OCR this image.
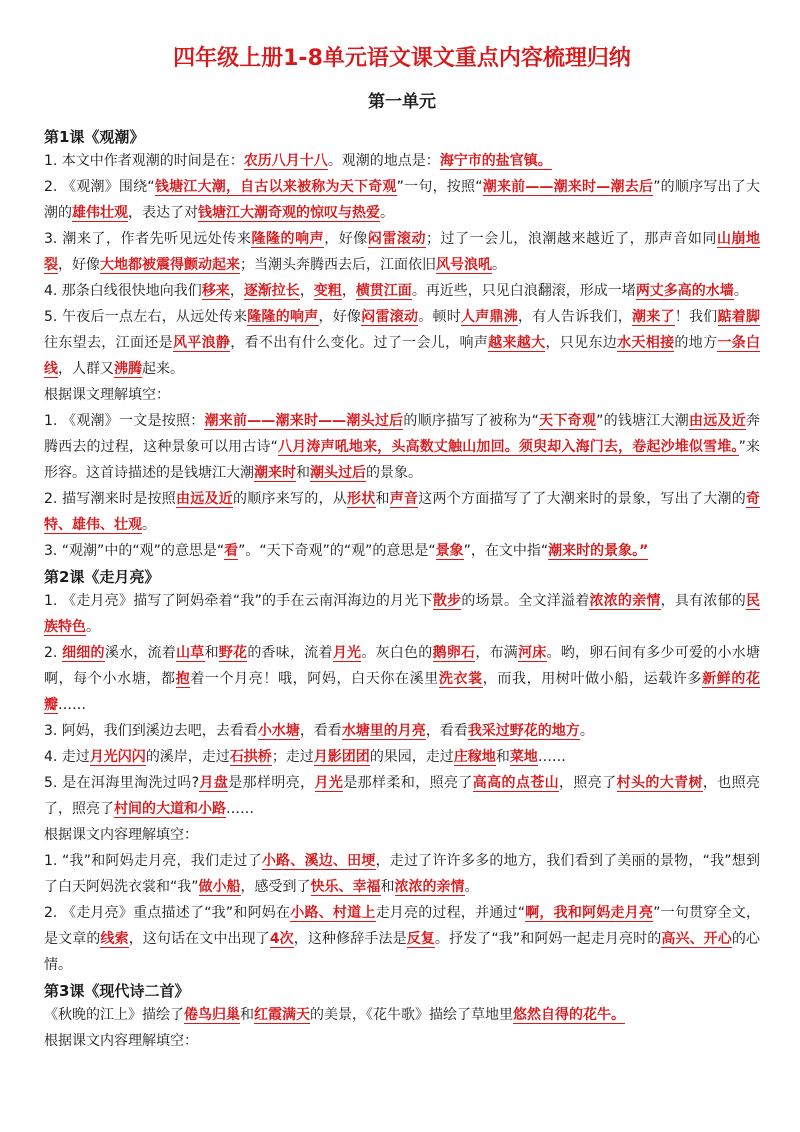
四年级上册1-8单元语文课文重点内容梳理归纳
第一单元
第1课《观潮》
1. 本文中作者观潮的时间是在：农历八月十八。观潮的地点是：海宁市的盐官镇。
2. 《观潮》围绕“钱塘江大潮，自古以来被称为天下奇观”一句，按照“潮来前——潮来时—潮去后”的顺序写出了大潮的雄伟壮观，表达了对钱塘江大潮奇观的惊叹与热爱。
3. 潮来了，作者先听见远处传来隆隆的响声，好像闷雷滚动；过了一会儿，浪潮越来越近了，那声音如同山崩地裂，好像大地都被震得颤动起来；当潮头奔腾西去后，江面依旧风号浪吼。
4. 那条白线很快地向我们移来，逐渐拉长，变粗，横贯江面。再近些，只见白浪翻滚，形成一堵两丈多高的水墙。
5. 午夜后一点左右，从远处传来隆隆的响声，好像闷雷滚动。顿时人声鼎沸，有人告诉我们，潮来了！我们踮着脚往东望去，江面还是风平浪静，看不出有什么变化。过了一会儿，响声越来越大，只见东边水天相接的地方一条白线，人群又沸腾起来。
根据课文理解填空：
1. 《观潮》一文是按照：潮来前——潮来时——潮头过后的顺序描写了被称为“天下奇观”的钱塘江大潮由远及近奔腾西去的过程，这种景象可以用古诗“八月涛声吼地来，头高数丈触山加回。须臾却入海门去，卷起沙堆似雪堆。”来形容。这首诗描述的是钱塘江大潮潮来时和潮头过后的景象。
2. 描写潮来时是按照由远及近的顺序来写的，从形状和声音这两个方面描写了了大潮来时的景象，写出了大潮的奇特、雄伟、壮观。
3. “观潮”中的“观”的意思是“看”。“天下奇观”的“观”的意思是“景象”，在文中指“潮来时的景象。”
第2课《走月亮》
1. 《走月亮》描写了阿妈牵着“我”的手在云南洱海边的月光下散步的场景。全文洋溢着浓浓的亲情，具有浓郁的民族特色。
2. 细细的溪水，流着山草和野花的香味，流着月光。灰白色的鹅卵石，布满河床。哟，卵石间有多少可爱的小水塘啊，每个小水塘，都抱着一个月亮！哦，阿妈，白天你在溪里洗衣裳，而我，用树叶做小船，运载许多新鲜的花瓣……
3. 阿妈，我们到溪边去吧，去看看小水塘，看看水塘里的月亮，看看我采过野花的地方。
4. 走过月光闪闪的溪岸，走过石拱桥；走过月影团团的果园，走过庄稼地和菜地……
5. 是在洱海里淘洗过吗?月盘是那样明亮，月光是那样柔和，照亮了高高的点苍山，照亮了村头的大青树，也照亮了，照亮了村间的大道和小路……
根据课文内容理解填空：
1. “我”和阿妈走月亮，我们走过了小路、溪边、田埂，走过了许许多多的地方，我们看到了美丽的景物，“我”想到了白天阿妈洗衣裳和“我”做小船，感受到了快乐、幸福和浓浓的亲情。
2. 《走月亮》重点描述了“我”和阿妈在小路、村道上走月亮的过程，并通过“啊，我和阿妈走月亮”一句贯穿全文，是文章的线索，这句话在文中出现了4次，这种修辞手法是反复。抒发了“我”和阿妈一起走月亮时的高兴、开心的心情。
第3课《现代诗二首》
《秋晚的江上》描绘了倦鸟归巢和红霞满天的美景，《花牛歌》描绘了草地里悠然自得的花牛。
根据课文内容理解填空：
